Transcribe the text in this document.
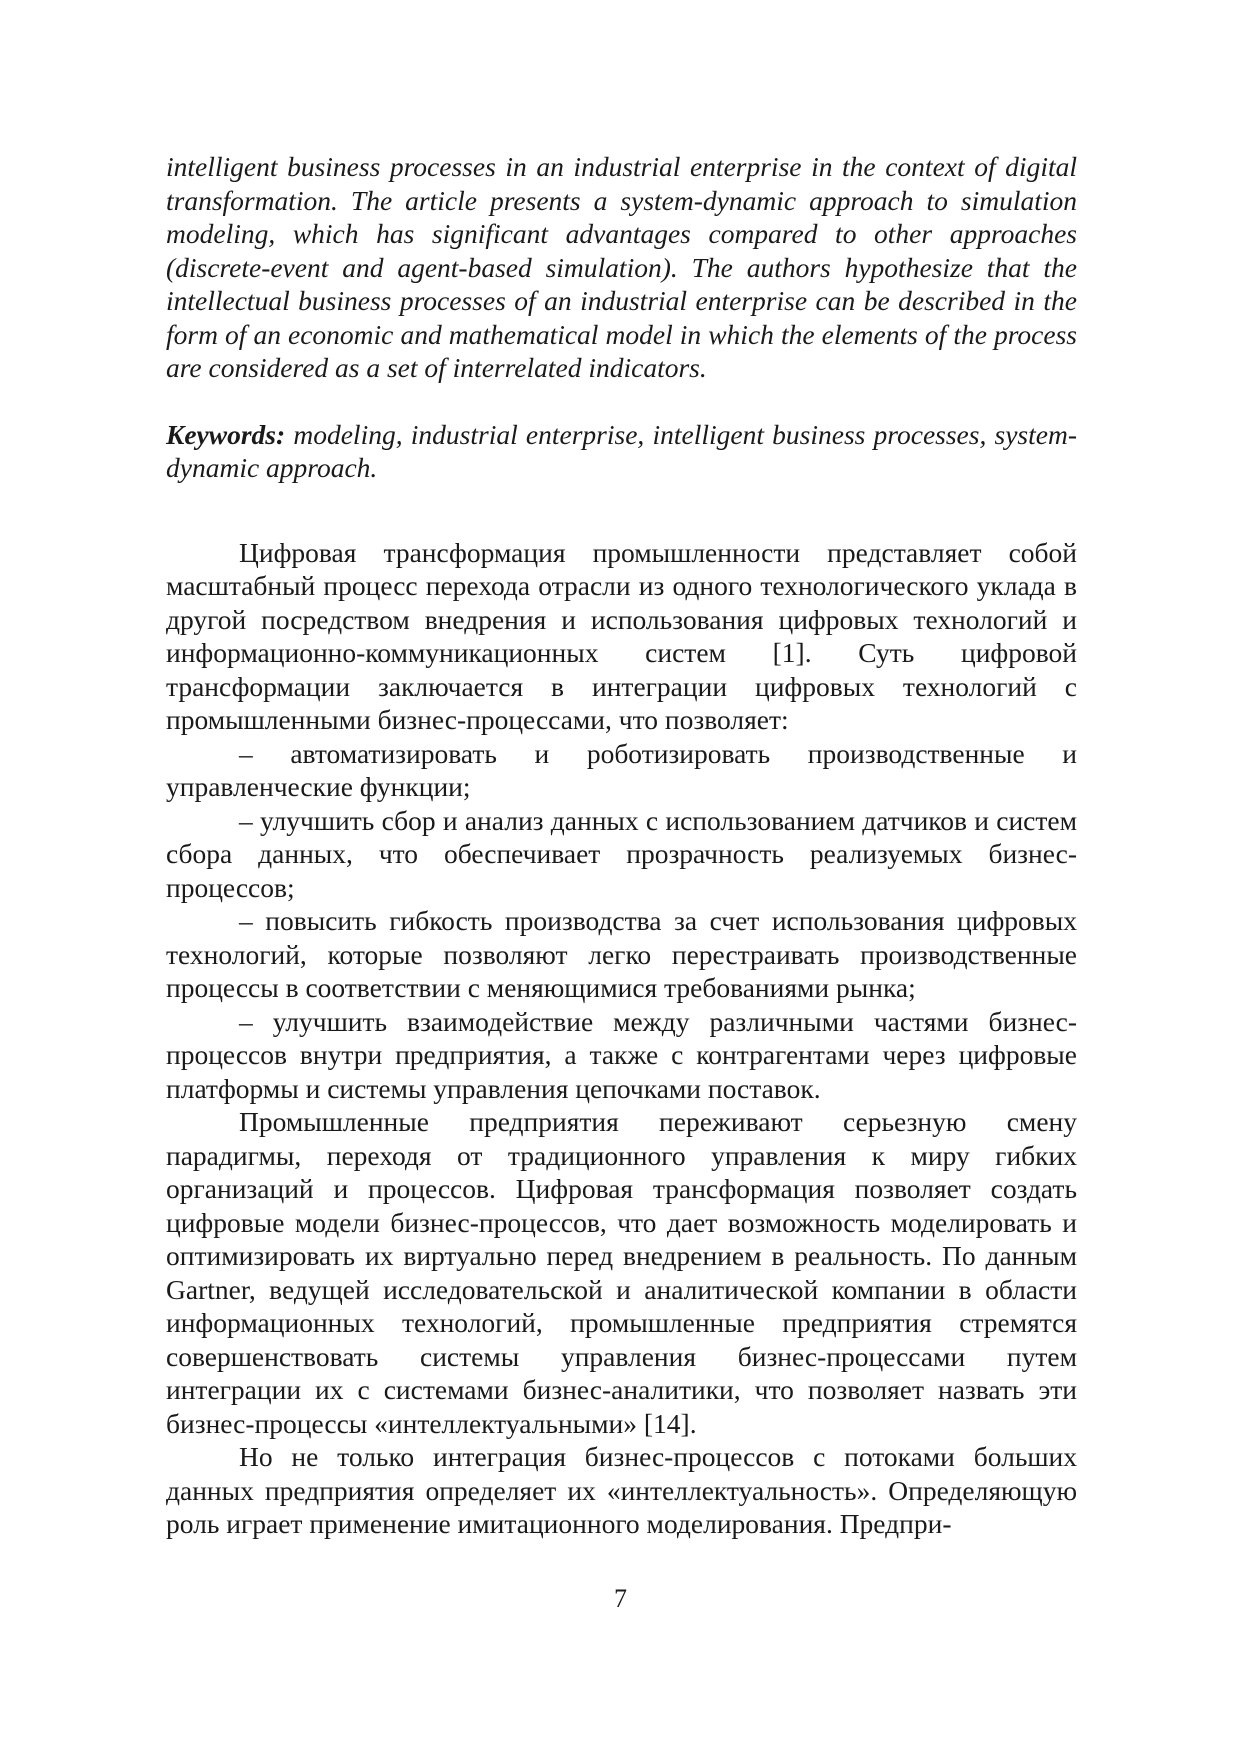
intelligent business processes in an industrial enterprise in the context of digital transformation. The article presents a system-dynamic approach to simulation modeling, which has significant advantages compared to other approaches (discrete-event and agent-based simulation). The authors hypothesize that the intellectual business processes of an industrial enterprise can be described in the form of an economic and mathematical model in which the elements of the process are considered as a set of interrelated indicators.

Keywords: modeling, industrial enterprise, intelligent business processes, system-dynamic approach.

Цифровая трансформация промышленности представляет собой масштабный процесс перехода отрасли из одного технологического уклада в другой посредством внедрения и использования цифровых технологий и информационно-коммуникационных систем [1]. Суть цифровой трансформации заключается в интеграции цифровых технологий с промышленными бизнес-процессами, что позволяет:

– автоматизировать и роботизировать производственные и управленческие функции;

– улучшить сбор и анализ данных с использованием датчиков и систем сбора данных, что обеспечивает прозрачность реализуемых бизнес-процессов;

– повысить гибкость производства за счет использования цифровых технологий, которые позволяют легко перестраивать производственные процессы в соответствии с меняющимися требованиями рынка;

– улучшить взаимодействие между различными частями бизнес-процессов внутри предприятия, а также с контрагентами через цифровые платформы и системы управления цепочками поставок.

Промышленные предприятия переживают серьезную смену парадигмы, переходя от традиционного управления к миру гибких организаций и процессов. Цифровая трансформация позволяет создать цифровые модели бизнес-процессов, что дает возможность моделировать и оптимизировать их виртуально перед внедрением в реальность. По данным Gartner, ведущей исследовательской и аналитической компании в области информационных технологий, промышленные предприятия стремятся совершенствовать системы управления бизнес-процессами путем интеграции их с системами бизнес-аналитики, что позволяет назвать эти бизнес-процессы «интеллектуальными» [14].

Но не только интеграция бизнес-процессов с потоками больших данных предприятия определяет их «интеллектуальность». Определяющую роль играет применение имитационного моделирования. Предпри-

7
